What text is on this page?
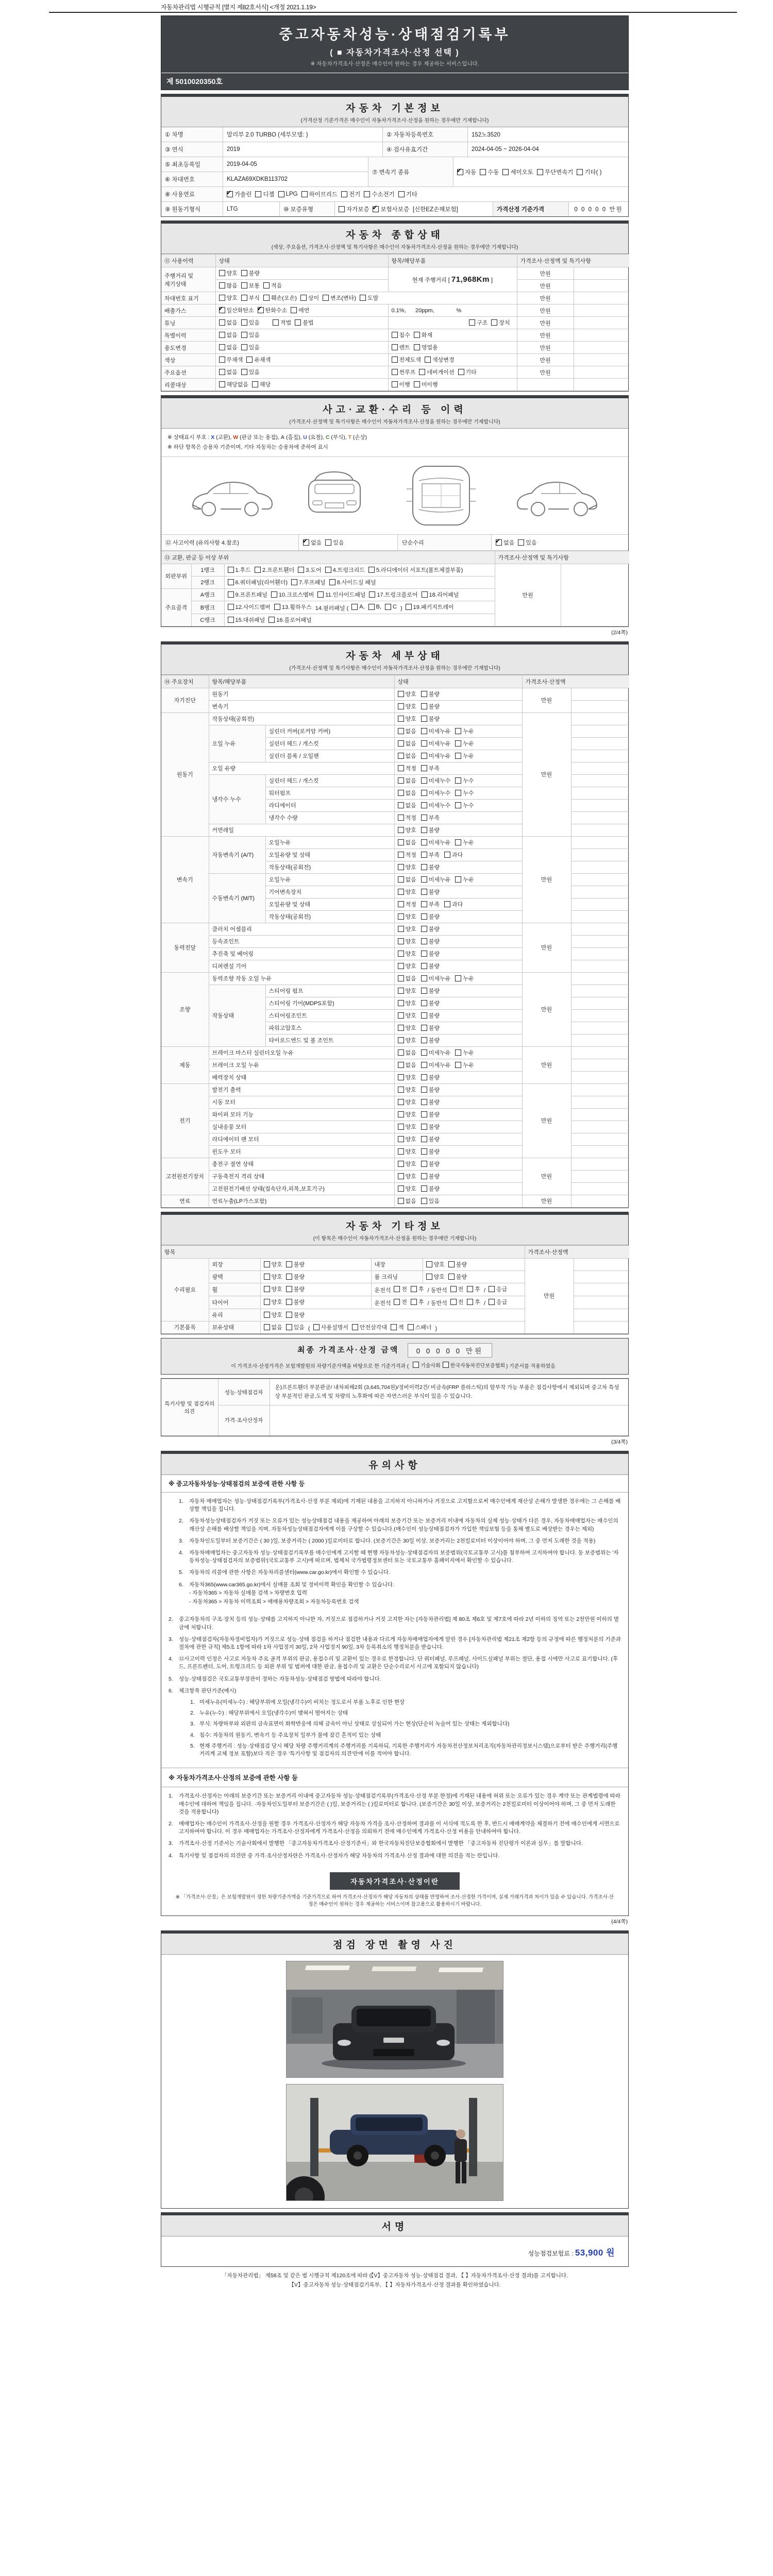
자동차관리법 시행규칙 [별지 제82호서식] <개정 2021.1.19>
중고자동차성능·상태점검기록부
( ■ 자동차가격조사·산정 선택 )
※ 자동차가격조사·산정은 매수인이 원하는 경우 제공하는 서비스입니다.
제 5010020350호
자동차 기본정보
(가격산정 기준가격은 매수인이 자동차가격조사·산정을 원하는 경우에만 기재합니다)
① 차명	말리부 2.0 TURBO (세부모델: )	② 자동차등록번호	152노3520
③ 연식	2019	④ 검사유효기간	2024-04-05 ~ 2026-04-04
⑤ 최초등록일	2019-04-05
⑥ 차대번호	KLAZA69XDKB113702
⑦ 변속기 종류 ✔	자동 수동 세미오토 무단변속기 기타( )
⑧ 사용연료 ✔	가솔린 디젤 LPG 하이브리드 전기 수소전기 기타
⑨ 원동기형식	LTG	⑩ 보증유형	자가보증 ✔ 보험사보증 [신한EZ손해보험]	가격산정 기준가격	0 0 0 0 0 만원
자동차 종합상태
(색상, 주요옵션, 가격조사·산정액 및 특기사항은 매수인이 자동차가격조사·산정을 원하는 경우에만 기재합니다)
⑪ 사용이력	상태	항목/해당부품	가격조사·산정액 및 특기사항	
주행거리 및 계기상태	양호 불량	현재 주행거리 [ 71,968Km ]	만원	

	많음 보통 적음		만원	
차대번호 표기	양호 부식 훼손(오손) 상이 변조(변타) 도말	만원	
배출가스	
✔일산화탄소 ✔ 탄화수소 매연	0.1%,      20ppm,              %	만원	
튜닝	없음 있음 적법 불법	구조 장치	만원	
특별이력	없음 있음	침수 화재	만원	
용도변경	없음 있음	렌트 영업용	만원	
색상	무채색 유채색	전체도색 색상변경	만원	
주요옵션	없음 있음	썬루프 네비게이션 기타	만원	
리콜대상	해당없음 해당	이행 미이행		

사고·교환·수리 등 이력
(가격조사·산정액 및 특기사항은 매수인이 자동차가격조사·산정을 원하는 경우에만 기재합니다)
※ 상태표시 부호 : X (교환), W (판금 또는 용접), A (흠집), U (요철), C (부식), T (손상)
※ 하단 항목은 승용차 기준이며, 기타 자동차는 승용차에 준하여 표시
⑫ 사고이력 (유의사항 4.참조) ✔	없음 있음	단순수리 ✔	없음 있음
⑬ 교환, 판금 등 이상 부위			가격조사·산정액 및 특기사항	
외판부위	1랭크	1.후드 2.프론트휀더 3.도어 4.트렁크리드 5.라디에이터 서포트(볼트체결부품)	만원	
	2랭크	6.쿼터패널(리어휀더) 7.루프패널 8.사이드실 패널		

주요골격	A랭크	9.프론트패널 10.크로스멤버 11.인사이드패널 17.트렁크플로어 18.리어패널		

B랭크	12.사이드멤버 13.휠하우스 14.필러패널 ( A, B, C ) 19.패키지트레이

	C랭크	15.대쉬패널 16.플로어패널		
(2/4쪽)
자동차 세부상태
(가격조사·산정액 및 특기사항은 매수인이 자동차가격조사·산정을 원하는 경우에만 기재합니다)
⑭ 주요장치	항목/해당부품		상태	가격조사·산정액	
자기진단	원동기		양호 불량	만원	
	변속기		양호 불량		

원동기	작동상태(공회전)		양호 불량	만원	
	오일 누유	실린더 커버(로커암 커버)	없음 미세누유 누유		

		실린더 헤드 / 개스킷	없음 미세누유 누유		

		실린더 블록 / 오일팬	없음 미세누유 누유		

	오일 유량		적정 부족		

	냉각수 누수	실린더 헤드 / 개스킷	없음 미세누수 누수		

		워터펌프	없음 미세누수 누수		

		라디에이터	없음 미세누수 누수		

		냉각수 수량	적정 부족		

	커먼레일		양호 불량		

변속기	자동변속기 (A/T)	오일누유	없음 미세누유 누유	만원	
		오일유량 및 상태	적정 부족 과다		

		작동상태(공회전)	양호 불량		

	수동변속기 (M/T)	오일누유	없음 미세누유 누유		

		기어변속장치	양호 불량		

		오일유량 및 상태	적정 부족 과다		

		작동상태(공회전)	양호 불량		

동력전달	클러치 어셈블리		양호 불량	만원	
	등속죠인트		양호 불량		

	추진축 및 베어링		양호 불량		

	디퍼렌설 기어		양호 불량		

조향	동력조향 작동 오일 누유		없음 미세누유 누유	만원	
	작동상태	스티어링 펌프	양호 불량		

		스티어링 기어(MDPS포함)	양호 불량		

		스티어링조인트	양호 불량		

		파워고압호스	양호 불량		

		타이로드엔드 및 볼 조인트	양호 불량		

제동	브레이크 마스터 실린더오일 누유		없음 미세누유 누유	만원	
	브레이크 오일 누유		없음 미세누유 누유		

	배력장치 상태		양호 불량		

전기	발전기 출력		양호 불량	만원	
	시동 모터		양호 불량		

	와이퍼 모터 기능		양호 불량		

	실내송풍 모터		양호 불량		

	라디에이터 팬 모터		양호 불량		

	윈도우 모터		양호 불량		

고전원전기장치	충전구 절연 상태		양호 불량	만원	
	구동축전지 격리 상태		양호 불량		

	고전원전기배선 상태(접속단자,피복,보호기구)		양호 불량		

연료	연료누출(LP가스포함)		없음 있음	만원	
자동차 기타정보
(이 항목은 매수인이 자동차가격조사·산정을 원하는 경우에만 기재합니다)
항목					가격조사·산정액	
수리필요	외장	양호 불량	내장	양호 불량	만원	
	광택	양호 불량	룸 크리닝	양호 불량		

휠	양호 불량	운전석 전 후 / 동반석 전 후 / 응급

타이어	양호 불량	운전석 전 후 / 동반석 전 후 / 응급

	유리	양호 불량				

기본품목	보유상태	없음 있음 ( 사용설명서 안전삼각대 잭 스패너 )	
최종 가격조사·산정 금액 0 0 0 0 0 만원
이 가격조사·산정가격은 보험개발원의 차량기준가액을 바탕으로 한 기준가격과 ( 기술사회 한국자동차진단보증협회 ) 기준서를 적용하였음
특기사항 및 점검자의 의견	성능·상태점검자	운)프론트휀더 부분판금/ 내차피해2회 (3,645,704원)/정비이력2건/ 비금속(FRP 플라스틱)의 탈부착 가능 부품은 점검사항에서 제외되며 중고차 특성 상 부분적인 판금,도색 및 차량의 노후화에 따른 자연스러운 부식이 있을 수 있습니다.
	가격·조사산정자	
(3/4쪽)
유의사항
※ 중고자동차성능·상태점검의 보증에 관한 사항 등
1.	자동차 매매업자는 성능·상태점검기록부(가격조사·산정 부분 제외)에 기재된 내용을 고지하지 아니하거나 거짓으로 고지함으로써 매수인에게 재산상 손해가 발생한 경우에는 그 손해를 배상할 책임을 집니다.
2.	자동차성능상태점검자가 거짓 또는 오류가 있는 성능상태점검 내용을 제공하여 아래의 보증기간 또는 보증거리 이내에 자동차의 실제 성능·상태가 다른 경우, 자동차매매업자는 매수인의 재산상 손해를 배상할 책임을 지며, 자동차성능상태점검자에게 이를 구상할 수 있습니다.(매수인이 성능상태점검자가 가입한 책임보험 등을 통해 별도로 배상받는 경우는 제외)
3.	자동차인도일부터 보증기간은 ( 30 )일, 보증거리는 ( 2000 )킬로미터로 합니다. (보증기간은 30일 이상, 보증거리는 2천킬로미터 이상이어야 하며, 그 중 먼저 도래한 것을 적용)
4.	자동차매매업자는 중고자동차 성능·상태점검기록부를 매수인에게 고지할 때 현행 자동차성능·상태점검자의 보증범위(국토교통부 고시)를 첨부하여 고지하여야 합니다. 동 보증범위는 '자동차성능·상태점검자의 보증범위'(국토교통부 고시)에 따르며, 법제처 국가법령정보센터 또는 국토교통부 홈페이지에서 확인할 수 있습니다.
5.	자동차의 리콜에 관한 사항은 자동차리콜센터(www.car.go.kr)에서 확인할 수 있습니다.
6.	자동차365(www.car365.go.kr)에서 실매물 조회 및 정비이력 확인을 확인할 수 있습니다.
- 자동차365 > 자동차 실매물 검색 > 차량번호 입력
- 자동차365 > 자동차 이력조회 > 매매용차량조회 > 자동차등록번호 검색
2.	중고자동차의 구조·장치 등의 성능·상태를 고지하지 아니한 자, 거짓으로 점검하거나 거짓 고지한 자는 [자동차관리법] 제 80조 제6호 및 제7호에 따라 2년 이하의 징역 또는 2천만원 이하의 벌금에 처합니다.
3.	성능·상태점검자(자동차정비업자)가 거짓으로 성능·상태 점검을 하거나 점검한 내용과 다르게 자동차매매업자에게 알린 경우 [자동차관리법 제21조 제2항 등의 규정에 따른 행정처분의 기준과 절차에 관한 규칙] 제5조 1항에 따라 1차 사업정지 30일, 2차 사업정지 90일, 3차 등록취소의 행정처분을 받습니다.
4.	⑫사고이력 인정은 사고로 자동차 주요 골격 부위의 판금, 용접수리 및 교환이 있는 경우로 한정합니다. 단 쿼터패널, 루프패널, 사이드실패널 부위는 절단, 용접 시에만 사고로 표기합니다. (후드, 프론트펜더, 도어, 트렁크리드 등 외판 부위 및 범퍼에 대한 판금, 용접수리 및 교환은 단순수리로서 사고에 포함되지 않습니다)
5.	성능·상태점검은 국토교통부장관이 정하는 자동차성능·상태점검 방법에 따라야 합니다.
6.	체크항목 판단기준(예시)
1. 미세누유(미세누수) : 해당부위에 오일(냉각수)이 비치는 정도로서 부품 노후로 인한 현상
2. 누유(누수) : 해당부위에서 오일(냉각수)이 맺혀서 떨어지는 상태
3. 부식: 차량하부와 외판의 금속표면이 화학반응에 의해 금속이 아닌 상태로 상실되어 가는 현상(단순히 녹슬어 있는 상태는 제외합니다)
4. 침수: 자동차의 원동기, 변속기 등 주요장치 일부가 물에 잠긴 흔적이 있는 상태
5. 현재 주행거리 : 성능·상태점검 당시 해당 차량 주행거리계의 주행거리를 기록하되, 기록한 주행거리가 자동차전산정보처리조직(자동차관리정보시스템)으로부터 받은 주행거리(주행거리계 교체 정보 포함)보다 적은 경우 '특기사항 및 점검자의 의견'란에 이를 적어야 합니다.
※ 자동차가격조사·산정의 보증에 관한 사항 등
1.	가격조사·산정자는 아래의 보증기간 또는 보증거리 이내에 중고자동차 성능·상태점검기록부(가격조사·산정 부분 한정)에 기재된 내용에 허위 또는 오류가 있는 경우 계약 또는 관계법령에 따라 매수인에 대하여 책임을 집니다. ·자동차인도일부터 보증기간은 ( )일, 보증거리는 ( )킬로미터로 합니다. (보증기간은 30일 이상, 보증거리는 2천킬로미터 이상이어야 하며, 그 중 먼저 도래한 것을 적용합니다)
2.	매매업자는 매수인이 가격조사·산정을 원할 경우 가격조사·산정자가 해당 자동차 가격을 조사·산정하여 결과를 이 서식에 적도록 한 후, 반드시 매매계약을 체결하기 전에 매수인에게 서면으로 고지하여야 합니다. 이 경우 매매업자는 가격조사·산정자에게 가격조사·산정을 의뢰하기 전에 매수인에게 가격조사·산정 비용을 안내하여야 합니다.
3.	가격조사·산정 기준서는 기술사회에서 발행한 「중고자동차가격조사·산정기준서」와 한국자동차진단보증협회에서 발행한 「중고자동차 진단평가 이론과 실무」를 말합니다.
4.	특기사항 및 점검자의 의견란 중 가격·조사산정자란은 가격조사·산정자가 해당 자동차의 가격조사·산정 결과에 대한 의견을 적는 란입니다.
자동차가격조사·산정이란
※ 「가격조사·산정」은 보험개발원이 정한 차량기준가액을 기준가격으로 하여 가격조사·산정자가 해당 자동차의 상태를 반영하여 조사·산정한 가격이며, 실제 거래가격과 차이가 있을 수 있습니다. 가격조사·산정은 매수인이 원하는 경우 제공하는 서비스이며 참고용으로 활용하시기 바랍니다.
(4/4쪽)
점검 장면 촬영 사진
서명
성능점검보험료 : 53,900 원
「자동차관리법」 제58조 및 같은 법 시행규칙 제120조에 따라 (【V】중고자동차 성능·상태점검 결과, 【 】자동차가격조사·산정 결과)를 고지합니다.
【V】중고자동차 성능·상태점검기록부, 【 】자동차가격조사·산정 결과를 확인하였습니다.
